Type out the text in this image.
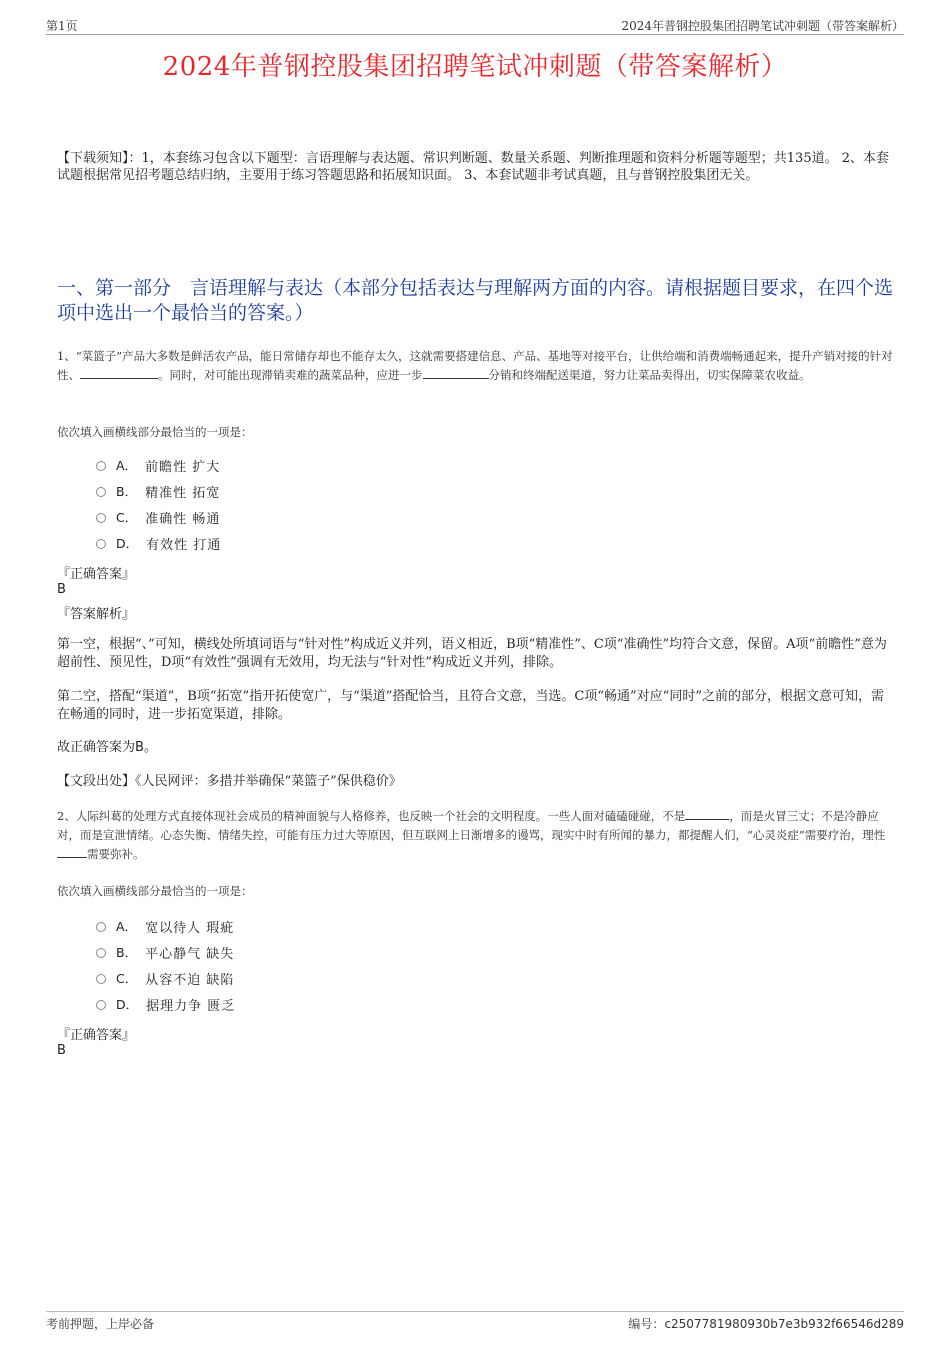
第1页	2024年普钢控股集团招聘笔试冲刺题（带答案解析）
2024年普钢控股集团招聘笔试冲刺题（带答案解析）
【下载须知】：1，本套练习包含以下题型：言语理解与表达题、常识判断题、数量关系题、判断推理题和资料分析题等题型；共135道。 2、本套试题根据常见招考题总结归纳，主要用于练习答题思路和拓展知识面。 3、本套试题非考试真题，且与普钢控股集团无关。
一、第一部分　言语理解与表达（本部分包括表达与理解两方面的内容。请根据题目要求，在四个选项中选出一个最恰当的答案。）
1、“菜篮子”产品大多数是鲜活农产品，能日常储存却也不能存太久，这就需要搭建信息、产品、基地等对接平台，让供给端和消费端畅通起来，提升产销对接的针对性、	。同时，对可能出现滞销卖难的蔬菜品种，应进一步	分销和终端配送渠道，努力让菜品卖得出，切实保障菜农收益。
依次填入画横线部分最恰当的一项是：
A． 前瞻性 扩大
B． 精准性 拓宽
C． 准确性 畅通
D． 有效性 打通
『正确答案』
B
『答案解析』
第一空，根据“、”可知，横线处所填词语与“针对性”构成近义并列，语义相近，B项“精准性”、C项“准确性”均符合文意，保留。A项“前瞻性”意为超前性、预见性，D项“有效性”强调有无效用，均无法与“针对性”构成近义并列，排除。
第二空，搭配“渠道”，B项“拓宽”指开拓使宽广，与“渠道”搭配恰当，且符合文意，当选。C项“畅通”对应“同时”之前的部分，根据文意可知，需在畅通的同时，进一步拓宽渠道，排除。
故正确答案为B。
【文段出处】《人民网评：多措并举确保“菜篮子”保供稳价》
2、人际纠葛的处理方式直接体现社会成员的精神面貌与人格修养，也反映一个社会的文明程度。一些人面对磕磕碰碰，不是	，而是火冒三丈；不是冷静应对，而是宣泄情绪。心态失衡、情绪失控，可能有压力过大等原因，但互联网上日渐增多的谩骂，现实中时有所闻的暴力，都提醒人们，“心灵炎症”需要疗治，理性需要弥补。
依次填入画横线部分最恰当的一项是：
A． 宽以待人 瑕疵
B． 平心静气 缺失
C． 从容不迫 缺陷
D． 据理力争 匮乏
『正确答案』
B
考前押题，上岸必备	编号：c2507781980930b7e3b932f66546d289
